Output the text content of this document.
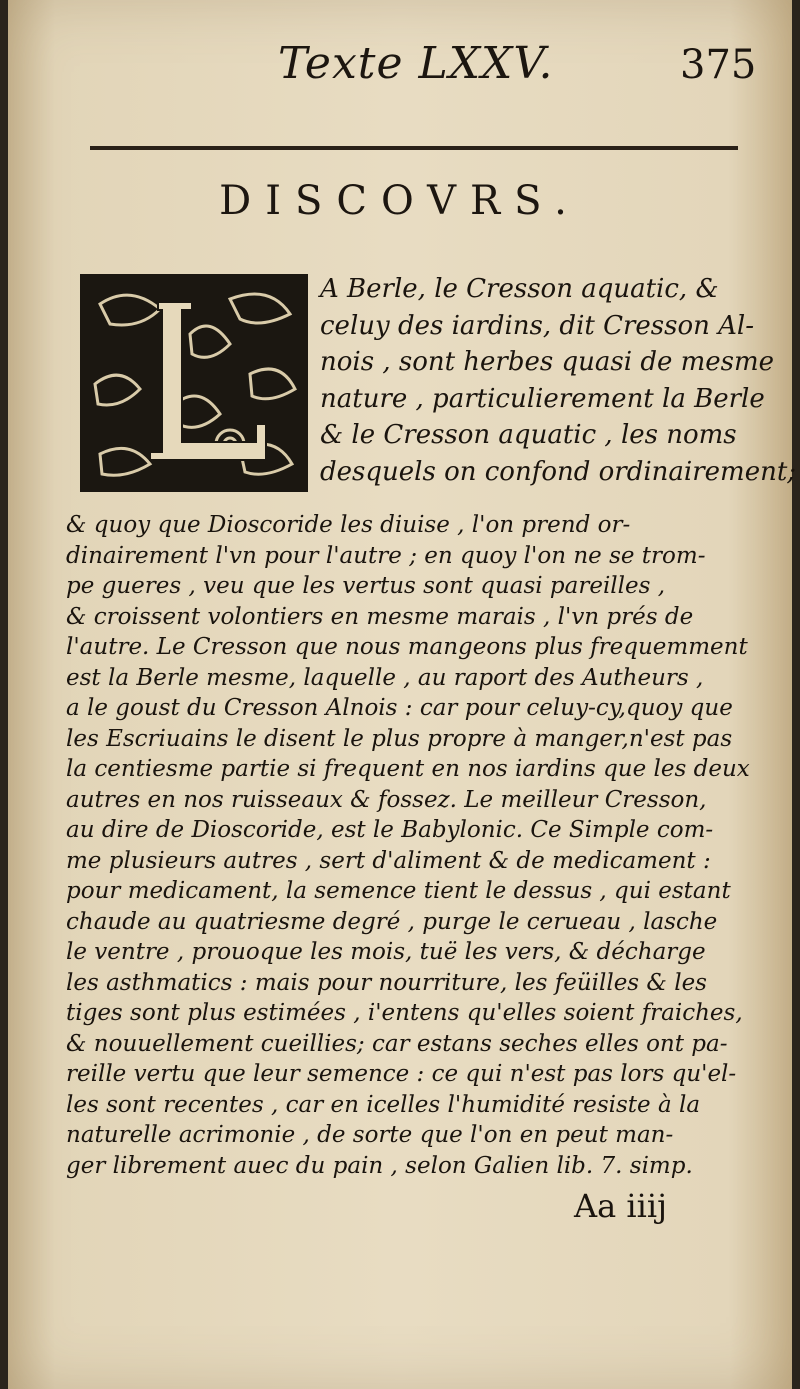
Texte LXXV.	375
DISCOVRS.
A Berle, le Cresson aquatic, &
celuy des iardins, dit Cresson Al-
nois , sont herbes quasi de mesme
nature , particulierement la Berle
& le Cresson aquatic , les noms
desquels on confond ordinairement;
& quoy que Dioscoride les diuise , l'on prend or-
dinairement l'vn pour l'autre ; en quoy l'on ne se trom-
pe gueres , veu que les vertus sont quasi pareilles ,
& croissent volontiers en mesme marais , l'vn prés de
l'autre. Le Cresson que nous mangeons plus frequemment
est la Berle mesme, laquelle , au raport des Autheurs ,
a le goust du Cresson Alnois : car pour celuy-cy,quoy que
les Escriuains le disent le plus propre à manger,n'est pas
la centiesme partie si frequent en nos iardins que les deux
autres en nos ruisseaux & fossez. Le meilleur Cresson,
au dire de Dioscoride, est le Babylonic. Ce Simple com-
me plusieurs autres , sert d'aliment & de medicament :
pour medicament, la semence tient le dessus , qui estant
chaude au quatriesme degré , purge le cerueau , lasche
le ventre , prouoque les mois, tuë les vers, & décharge
les asthmatics : mais pour nourriture, les feüilles & les
tiges sont plus estimées , i'entens qu'elles soient fraiches,
& nouuellement cueillies; car estans seches elles ont pa-
reille vertu que leur semence : ce qui n'est pas lors qu'el-
les sont recentes , car en icelles l'humidité resiste à la
naturelle acrimonie , de sorte que l'on en peut man-
ger librement auec du pain , selon Galien lib. 7. simp.
Aa iiij
